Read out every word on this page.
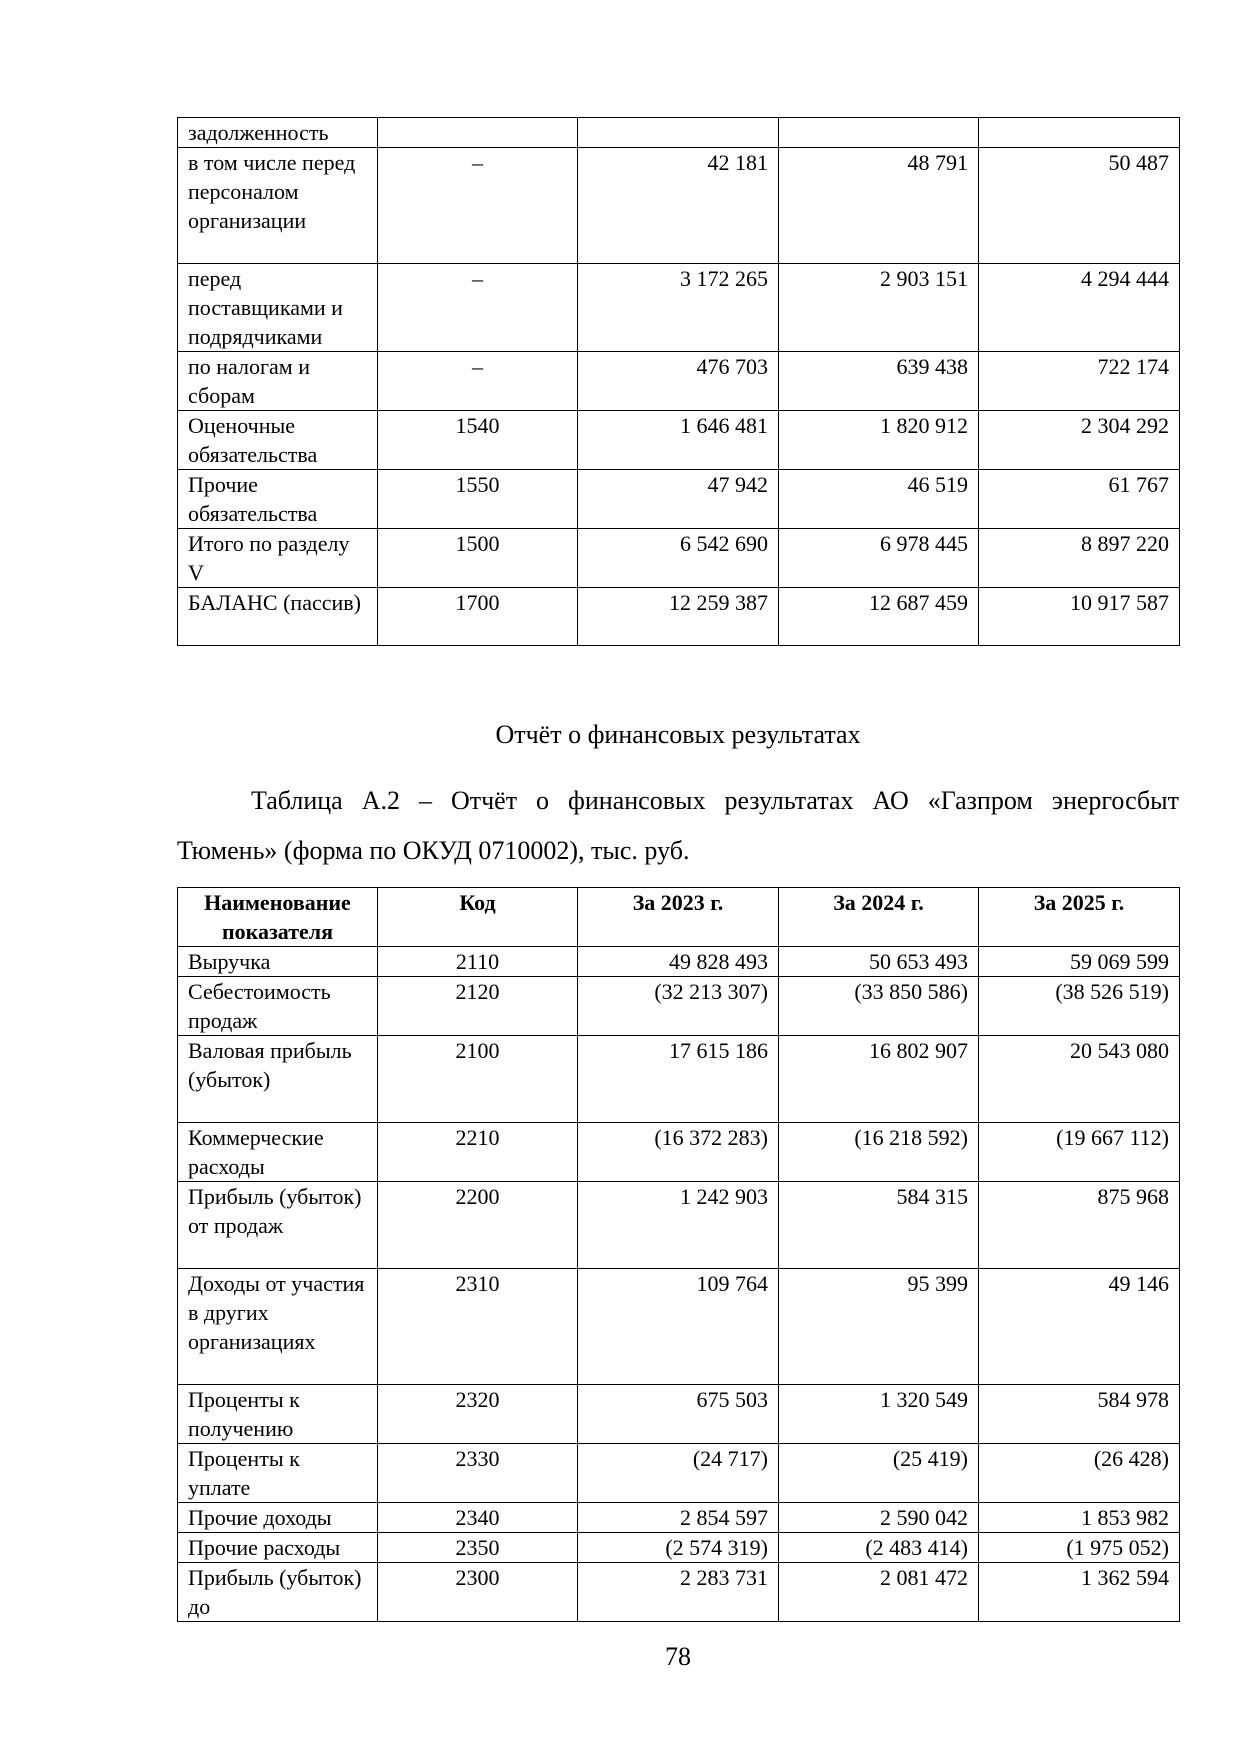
задолженность				
в том числе перед персоналом организации	–	42 181	48 791	50 487
перед поставщиками и подрядчиками	–	3 172 265	2 903 151	4 294 444
по налогам и сборам	–	476 703	639 438	722 174
Оценочные обязательства	1540	1 646 481	1 820 912	2 304 292
Прочие обязательства	1550	47 942	46 519	61 767
Итого по разделу V	1500	6 542 690	6 978 445	8 897 220
БАЛАНС (пассив)	1700	12 259 387	12 687 459	10 917 587
Отчёт о финансовых результатах
Таблица А.2 – Отчёт о финансовых результатах АО «Газпром энергосбыт
Тюмень» (форма по ОКУД 0710002), тыс. руб.
Наименование показателя	Код	За 2023 г.	За 2024 г.	За 2025 г.
Выручка	2110	49 828 493	50 653 493	59 069 599
Себестоимость продаж	2120	(32 213 307)	(33 850 586)	(38 526 519)
Валовая прибыль (убыток)	2100	17 615 186	16 802 907	20 543 080
Коммерческие расходы	2210	(16 372 283)	(16 218 592)	(19 667 112)
Прибыль (убыток) от продаж	2200	1 242 903	584 315	875 968
Доходы от участия в других организациях	2310	109 764	95 399	49 146
Проценты к получению	2320	675 503	1 320 549	584 978
Проценты к уплате	2330	(24 717)	(25 419)	(26 428)
Прочие доходы	2340	2 854 597	2 590 042	1 853 982
Прочие расходы	2350	(2 574 319)	(2 483 414)	(1 975 052)
Прибыль (убыток) до	2300	2 283 731	2 081 472	1 362 594
78
